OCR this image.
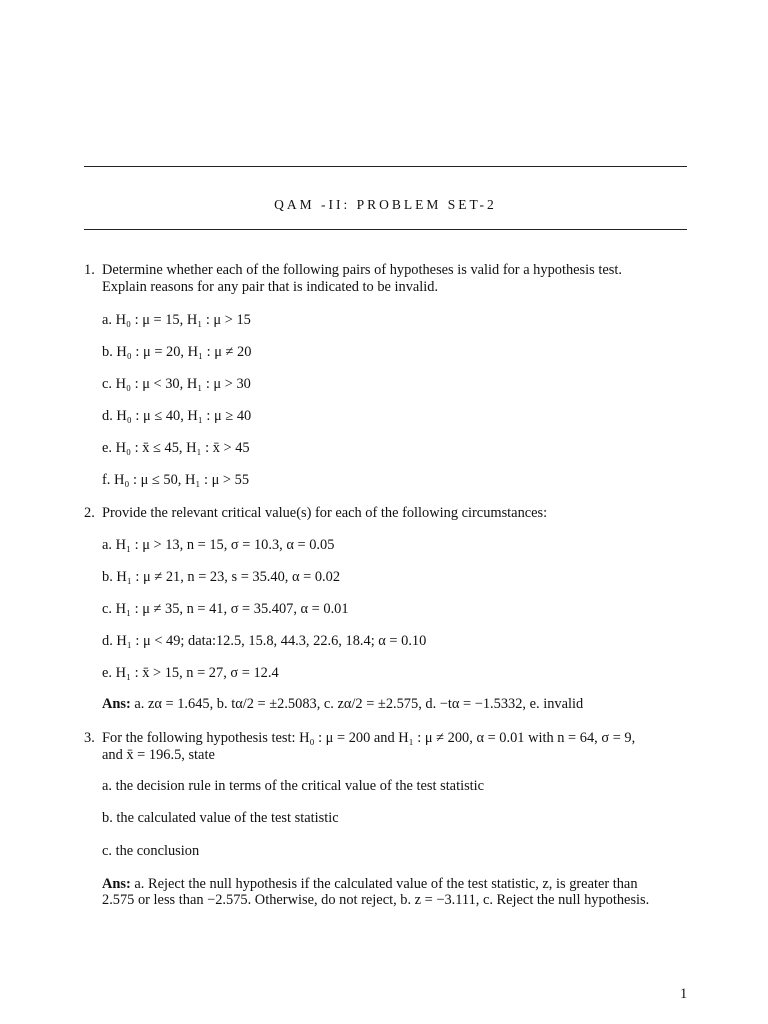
QAM -II: PROBLEM SET-2
1. Determine whether each of the following pairs of hypotheses is valid for a hypothesis test.
Explain reasons for any pair that is indicated to be invalid.
a. H₀ : μ = 15, H₁ : μ > 15
b. H₀ : μ = 20, H₁ : μ ≠ 20
c. H₀ : μ < 30, H₁ : μ > 30
d. H₀ : μ ≤ 40, H₁ : μ ≥ 40
e. H₀ : x̄ ≤ 45, H₁ : x̄ > 45
f. H₀ : μ ≤ 50, H₁ : μ > 55
2. Provide the relevant critical value(s) for each of the following circumstances:
a. H₁ : μ > 13, n = 15, σ = 10.3, α = 0.05
b. H₁ : μ ≠ 21, n = 23, s = 35.40, α = 0.02
c. H₁ : μ ≠ 35, n = 41, σ = 35.407, α = 0.01
d. H₁ : μ < 49; data:12.5, 15.8, 44.3, 22.6, 18.4; α = 0.10
e. H₁ : x̄ > 15, n = 27, σ = 12.4
Ans: a. zα = 1.645, b. tα/2 = ±2.5083, c. zα/2 = ±2.575, d. −tα = −1.5332, e. invalid
3. For the following hypothesis test: H₀ : μ = 200 and H₁ : μ ≠ 200, α = 0.01 with n = 64, σ = 9,
and x̄ = 196.5, state
a. the decision rule in terms of the critical value of the test statistic
b. the calculated value of the test statistic
c. the conclusion
Ans: a. Reject the null hypothesis if the calculated value of the test statistic, z, is greater than
2.575 or less than −2.575. Otherwise, do not reject, b. z = −3.111, c. Reject the null hypothesis.
1
